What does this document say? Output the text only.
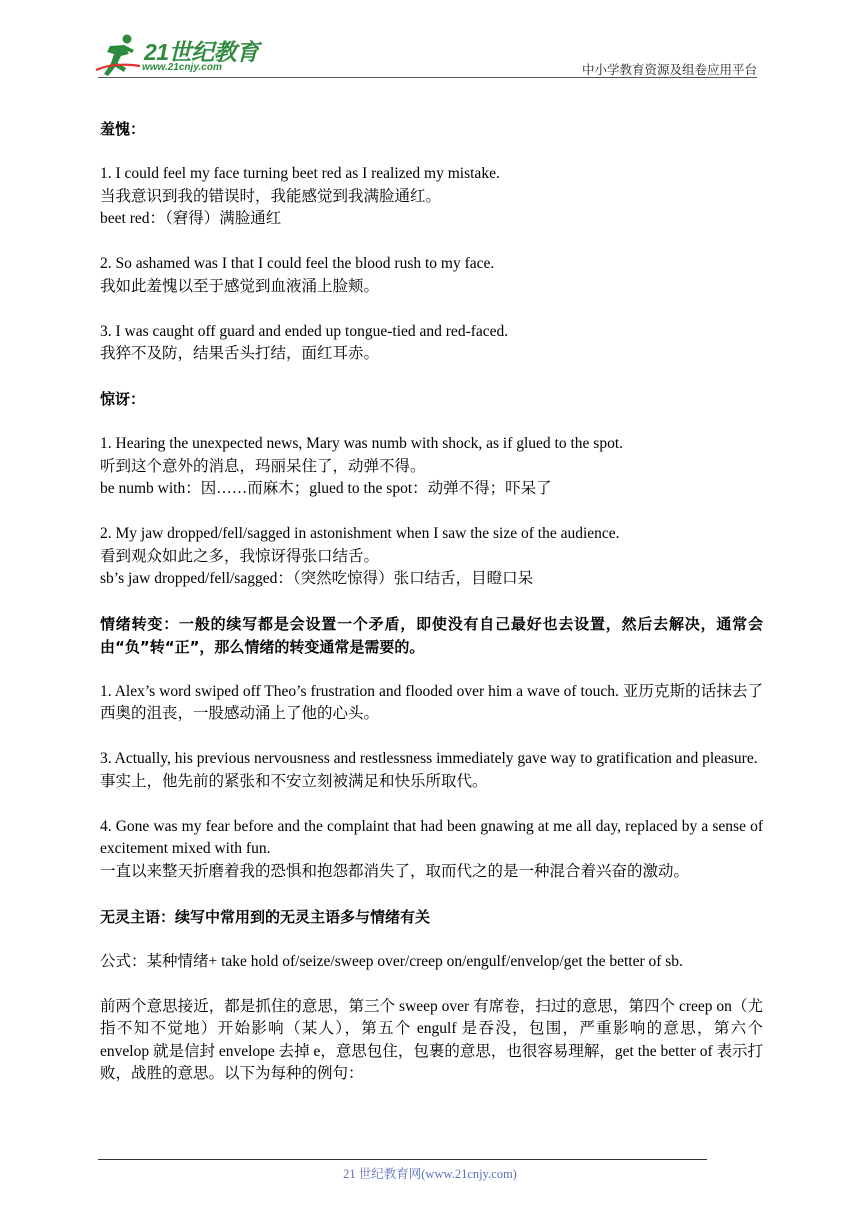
21世纪教育
www.21cnjy.com	中小学教育资源及组卷应用平台

羞愧：

1. I could feel my face turning beet red as I realized my mistake.

当我意识到我的错误时，我能感觉到我满脸通红。

beet red：（窘得）满脸通红

2. So ashamed was I that I could feel the blood rush to my face.

我如此羞愧以至于感觉到血液涌上脸颊。

3. I was caught off guard and ended up tongue-tied and red-faced.

我猝不及防，结果舌头打结，面红耳赤。

惊讶：

1. Hearing the unexpected news, Mary was numb with shock, as if glued to the spot.

听到这个意外的消息，玛丽呆住了，动弹不得。

be numb with：因……而麻木；glued to the spot：动弹不得；吓呆了

2. My jaw dropped/fell/sagged in astonishment when I saw the size of the audience.

看到观众如此之多，我惊讶得张口结舌。

sb’s jaw dropped/fell/sagged：（突然吃惊得）张口结舌，目瞪口呆

情绪转变：一般的续写都是会设置一个矛盾，即使没有自己最好也去设置，然后去解决，通常会由“负”转“正”，那么情绪的转变通常是需要的。

1. Alex’s word swiped off Theo’s frustration and flooded over him a wave of touch. 亚历克斯的话抹去了西奥的沮丧，一股感动涌上了他的心头。

3. Actually, his previous nervousness and restlessness immediately gave way to gratification and pleasure.

事实上，他先前的紧张和不安立刻被满足和快乐所取代。

4. Gone was my fear before and the complaint that had been gnawing at me all day, replaced by a sense of excitement mixed with fun.

一直以来整天折磨着我的恐惧和抱怨都消失了，取而代之的是一种混合着兴奋的激动。

无灵主语：续写中常用到的无灵主语多与情绪有关

公式：某种情绪+ take hold of/seize/sweep over/creep on/engulf/envelop/get the better of sb.

前两个意思接近，都是抓住的意思，第三个 sweep over 有席卷，扫过的意思，第四个 creep on（尤指不知不觉地）开始影响（某人），第五个 engulf 是吞没，包围，严重影响的意思，第六个 envelop 就是信封 envelope 去掉 e，意思包住，包裹的意思，也很容易理解，get the better of 表示打败，战胜的意思。以下为每种的例句：

21 世纪教育网(www.21cnjy.com)
